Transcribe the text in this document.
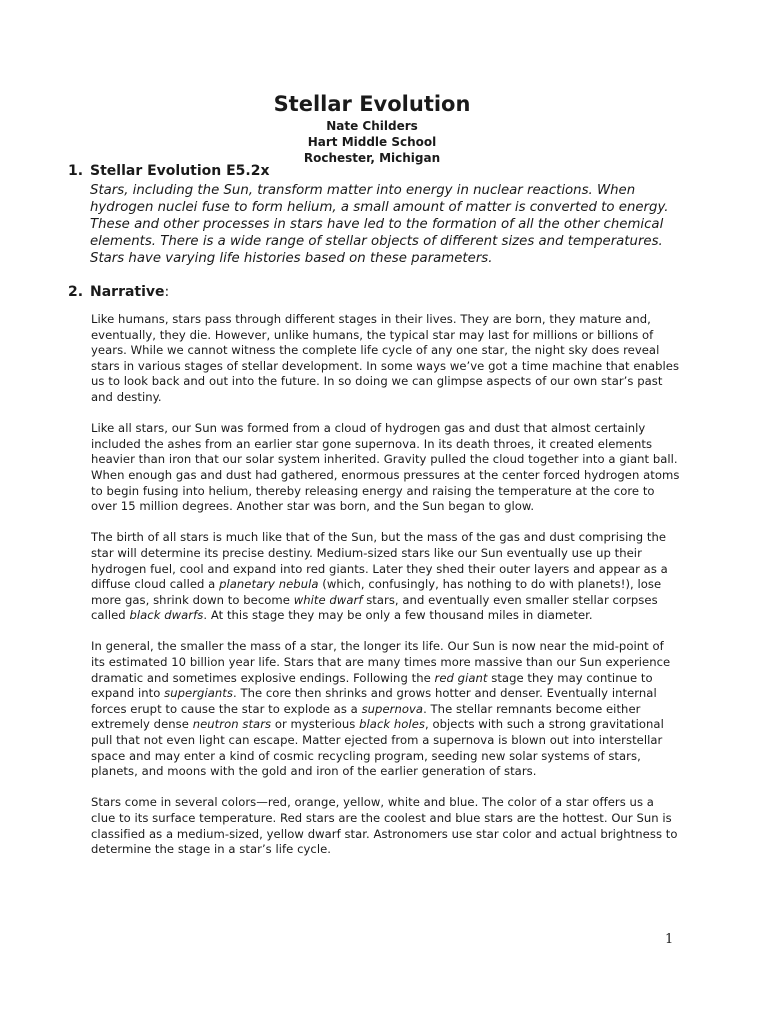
Stellar Evolution

Nate Childers

Hart Middle School

Rochester, Michigan

1. Stellar Evolution E5.2x

Stars, including the Sun, transform matter into energy in nuclear reactions. When hydrogen nuclei fuse to form helium, a small amount of matter is converted to energy. These and other processes in stars have led to the formation of all the other chemical elements. There is a wide range of stellar objects of different sizes and temperatures. Stars have varying life histories based on these parameters.

2. Narrative :

Like humans, stars pass through different stages in their lives. They are born, they mature and, eventually, they die. However, unlike humans, the typical star may last for millions or billions of years. While we cannot witness the complete life cycle of any one star, the night sky does reveal stars in various stages of stellar development. In some ways we’ve got a time machine that enables us to look back and out into the future. In so doing we can glimpse aspects of our own star’s past and destiny.

Like all stars, our Sun was formed from a cloud of hydrogen gas and dust that almost certainly included the ashes from an earlier star gone supernova. In its death throes, it created elements heavier than iron that our solar system inherited. Gravity pulled the cloud together into a giant ball. When enough gas and dust had gathered, enormous pressures at the center forced hydrogen atoms to begin fusing into helium, thereby releasing energy and raising the temperature at the core to over 15 million degrees. Another star was born, and the Sun began to glow.

The birth of all stars is much like that of the Sun, but the mass of the gas and dust comprising the star will determine its precise destiny. Medium-sized stars like our Sun eventually use up their hydrogen fuel, cool and expand into red giants. Later they shed their outer layers and appear as a diffuse cloud called a planetary nebula (which, confusingly, has nothing to do with planets!), lose more gas, shrink down to become white dwarf stars, and eventually even smaller stellar corpses called black dwarfs. At this stage they may be only a few thousand miles in diameter.

In general, the smaller the mass of a star, the longer its life. Our Sun is now near the mid-point of its estimated 10 billion year life. Stars that are many times more massive than our Sun experience dramatic and sometimes explosive endings. Following the red giant stage they may continue to expand into supergiants. The core then shrinks and grows hotter and denser. Eventually internal forces erupt to cause the star to explode as a supernova. The stellar remnants become either extremely dense neutron stars or mysterious black holes, objects with such a strong gravitational pull that not even light can escape. Matter ejected from a supernova is blown out into interstellar space and may enter a kind of cosmic recycling program, seeding new solar systems of stars, planets, and moons with the gold and iron of the earlier generation of stars.

Stars come in several colors—red, orange, yellow, white and blue. The color of a star offers us a clue to its surface temperature. Red stars are the coolest and blue stars are the hottest. Our Sun is classified as a medium-sized, yellow dwarf star. Astronomers use star color and actual brightness to determine the stage in a star’s life cycle.

1
